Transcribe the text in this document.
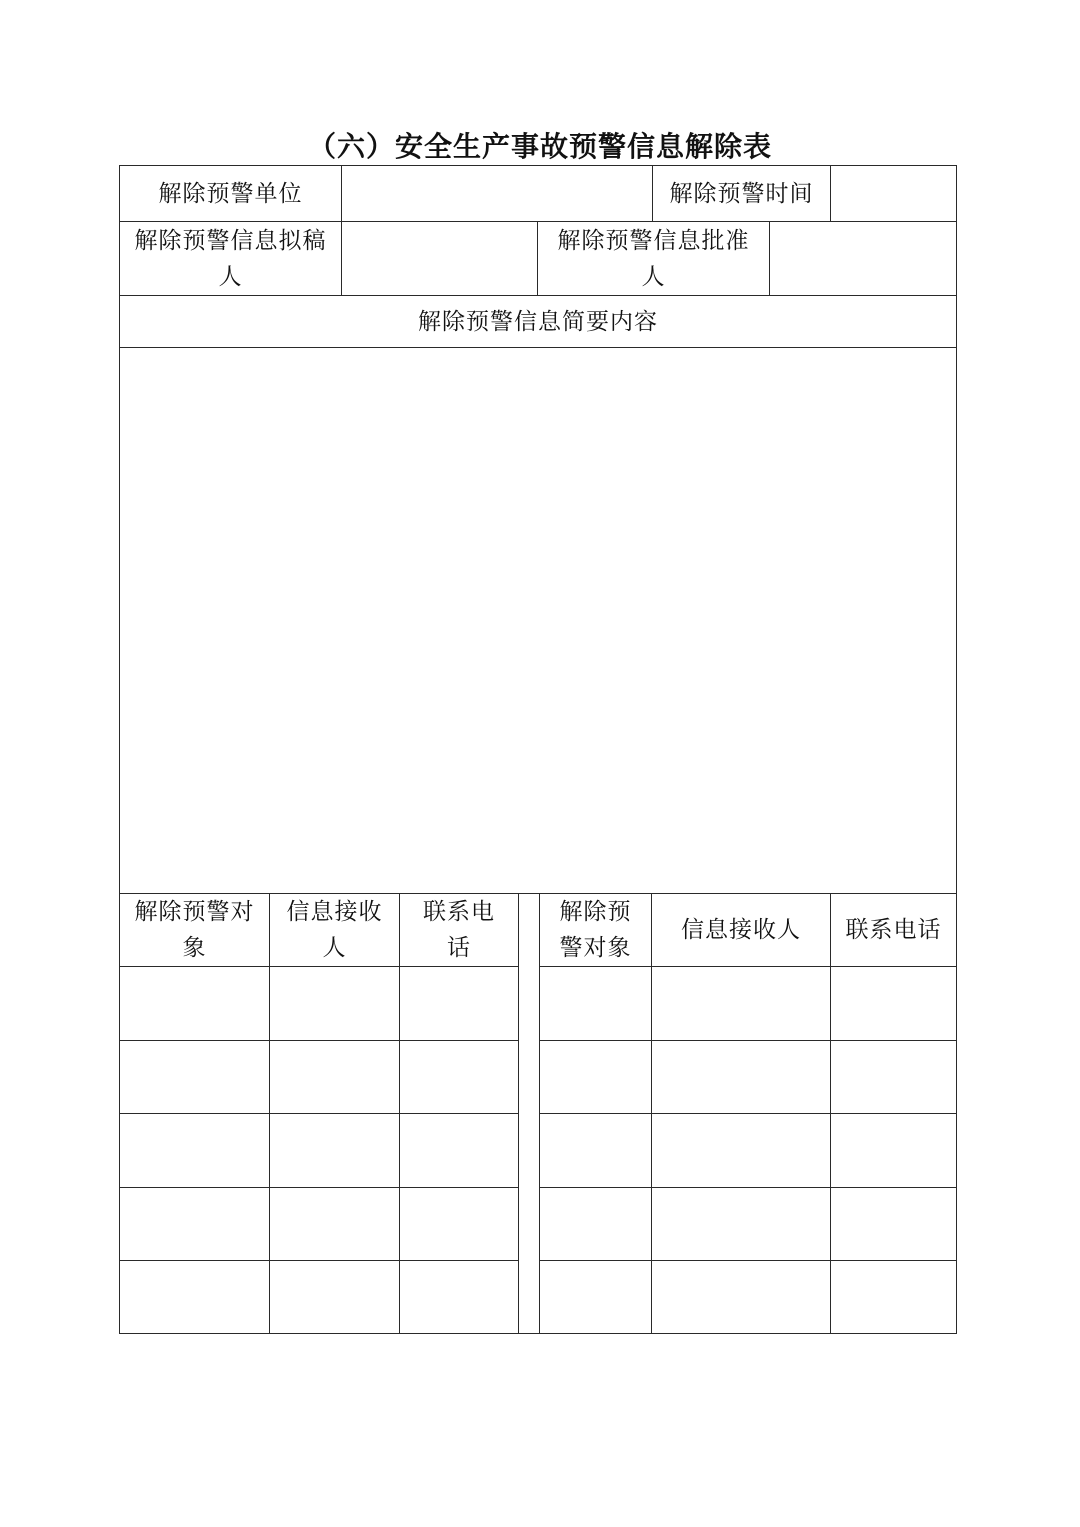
（六）安全生产事故预警信息解除表
解除预警单位	解除预警时间
解除预警信息拟稿人
解除预警信息批准人
解除预警信息简要内容
解除预警对象
信息接收人
联系电话
解除预警对象
信息接收人 联系电话
